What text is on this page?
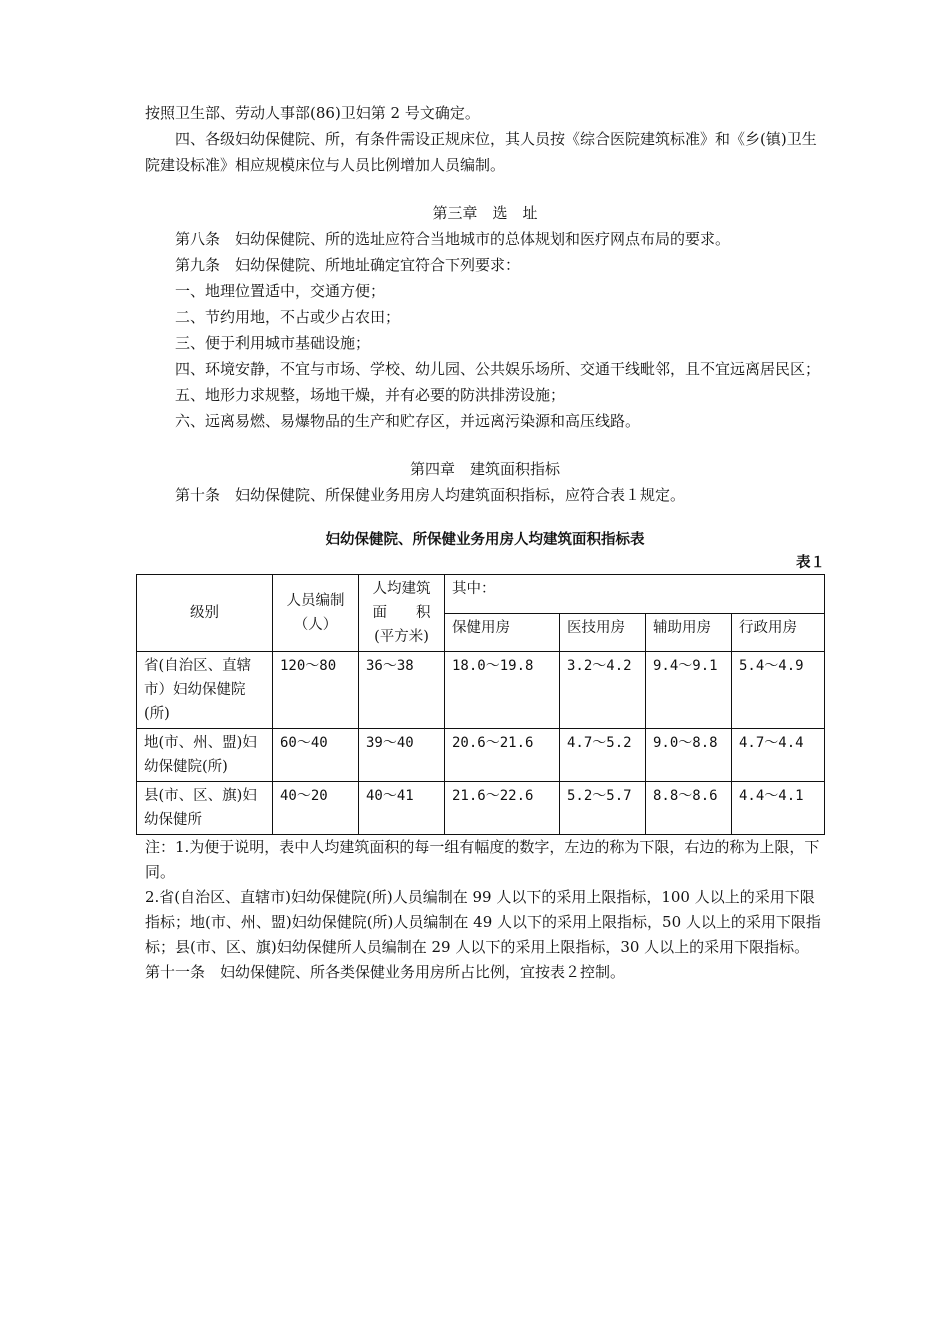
按照卫生部、劳动人事部(86)卫妇第 2 号文确定。

四、各级妇幼保健院、所，有条件需设正规床位，其人员按《综合医院建筑标准》和《乡(镇)卫生院建设标准》相应规模床位与人员比例增加人员编制。

第三章　选　址

第八条　妇幼保健院、所的选址应符合当地城市的总体规划和医疗网点布局的要求。

第九条　妇幼保健院、所地址确定宜符合下列要求：

一、地理位置适中，交通方便；

二、节约用地，不占或少占农田；

三、便于利用城市基础设施；

四、环境安静，不宜与市场、学校、幼儿园、公共娱乐场所、交通干线毗邻，且不宜远离居民区；

五、地形力求规整，场地干燥，并有必要的防洪排涝设施；

六、远离易燃、易爆物品的生产和贮存区，并远离污染源和高压线路。

第四章　建筑面积指标

第十条　妇幼保健院、所保健业务用房人均建筑面积指标，应符合表１规定。

妇幼保健院、所保健业务用房人均建筑面积指标表

表１

级别	人员编制（人）	人均建筑
面　　积
(平方米)	其中：			
			保健用房	医技用房	辅助用房	行政用房
省(自治区、直辖市）妇幼保健院(所)	120～80	36～38	18.0～19.8	3.2～4.2	9.4～9.1	5.4～4.9
地(市、州、盟)妇幼保健院(所)	60～40	39～40	20.6～21.6	4.7～5.2	9.0～8.8	4.7～4.4
县(市、区、旗)妇幼保健所	40～20	40～41	21.6～22.6	5.2～5.7	8.8～8.6	4.4～4.1

注：1.为便于说明，表中人均建筑面积的每一组有幅度的数字，左边的称为下限，右边的称为上限，下同。

2.省(自治区、直辖市)妇幼保健院(所)人员编制在 99 人以下的采用上限指标，100 人以上的采用下限指标；地(市、州、盟)妇幼保健院(所)人员编制在 49 人以下的采用上限指标，50 人以上的采用下限指标；县(市、区、旗)妇幼保健所人员编制在 29 人以下的采用上限指标，30 人以上的采用下限指标。

第十一条　妇幼保健院、所各类保健业务用房所占比例，宜按表２控制。
